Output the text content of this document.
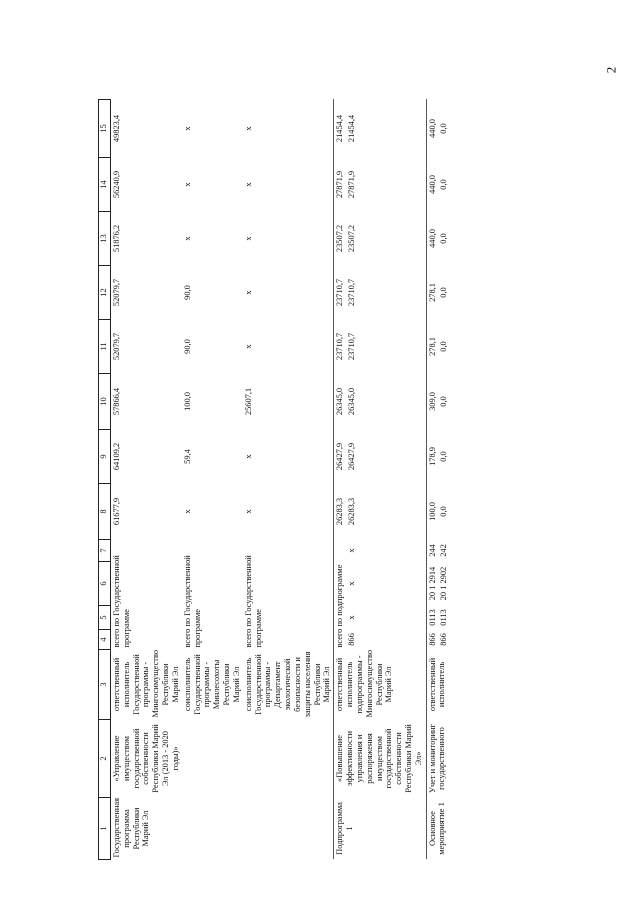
2
1	2	3	4	5	6	7	8	9	10	11	12	13	14	15
Государственная программа Республики Марий Эл	«Управление имуществом государственной собственности Республики Марий Эл (2013 - 2020 годы)»	ответственный исполнитель Государственной программы - Мингосимущество Республики Марий Эл	всего по Государственной программе				61677,9	64109,2	57866,4	52079,7	52079,7	51876,2	56240,9	49823,4
		соисполнитель Государственной программы - Минлесохоты Республики Марий Эл	всего по Государственной программе				x	59,4	100,0	90,0	90,0	x	x	x
		соисполнитель Государственной программы - Департамент экологической безопасности и защиты населения Республики Марий Эл	всего по Государственной программе				x	x	25607,1	x	x	x	x	x
Подпрограмма 1	«Повышение эффективности управления и распоряжения имуществом государственной собственности Республики Марий Эл»	ответственный исполнитель подпрограммы - Мингосимущество Республики Марий Эл	всего по подпрограмме				26283,3	26427,9	26345,0	23710,7	23710,7	23507,2	27871,9	21454,4
			866	x	x	x	26283,3	26427,9	26345,0	23710,7	23710,7	23507,2	27871,9	21454,4
Основное мероприятие 1	Учет и мониторинг государственного	ответственный исполнитель	866	0113	20 1 2914	244	100,0	178,9	309,0	278,1	278,1	440,0	440,0	440,0
			866	0113	20 1 2902	242	0,0	0,0	0,0	0,0	0,0	0,0	0,0	0,0
